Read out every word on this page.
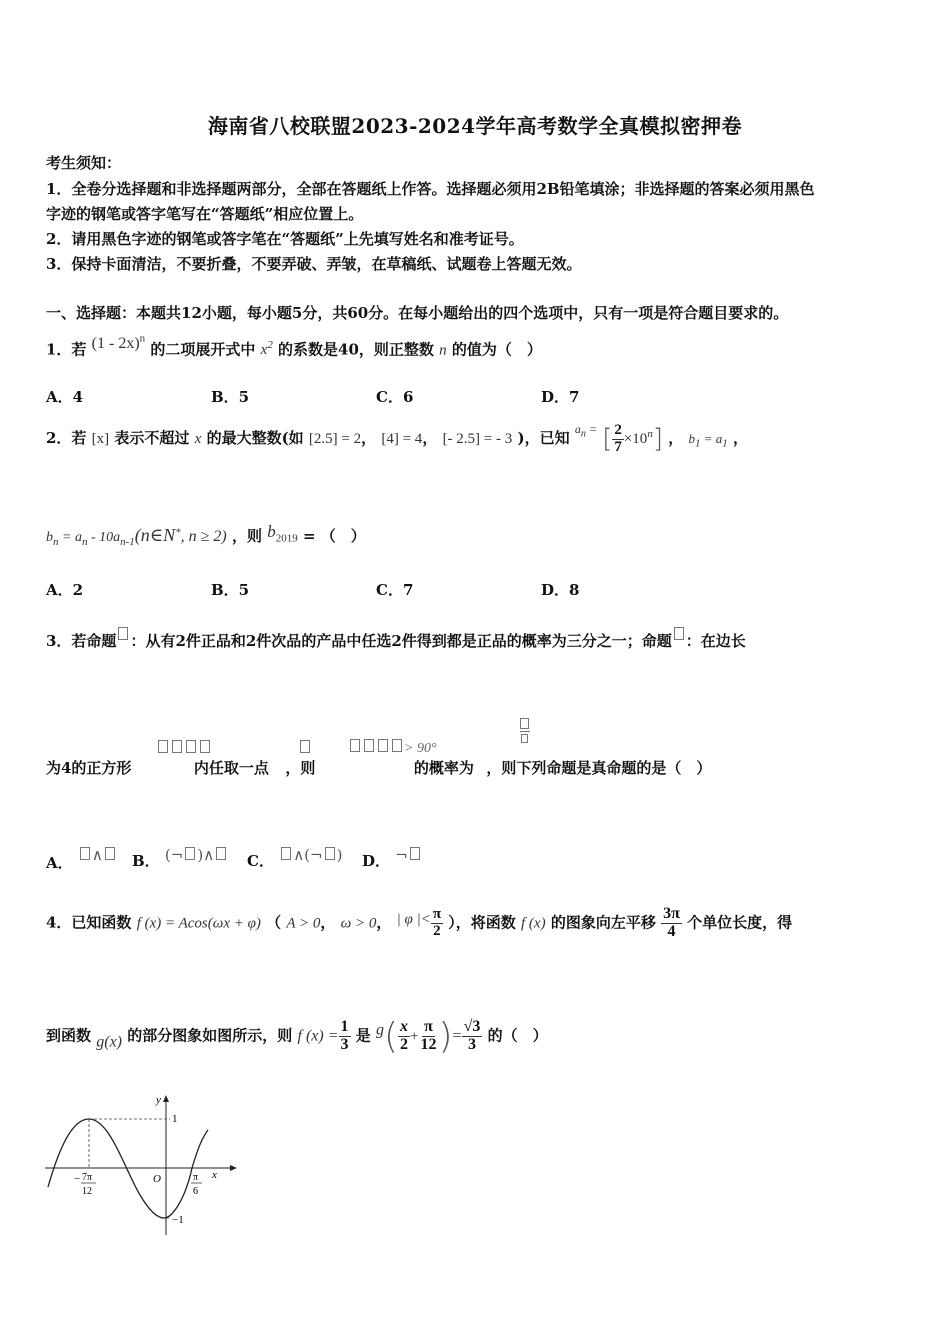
海南省八校联盟2023-2024学年高考数学全真模拟密押卷
考生须知：
1．全卷分选择题和非选择题两部分，全部在答题纸上作答。选择题必须用2B铅笔填涂；非选择题的答案必须用黑色
字迹的钢笔或答字笔写在“答题纸”相应位置上。
2．请用黑色字迹的钢笔或答字笔在“答题纸”上先填写姓名和准考证号。
3．保持卡面清洁，不要折叠，不要弄破、弄皱，在草稿纸、试题卷上答题无效。
一、选择题：本题共12小题，每小题5分，共60分。在每小题给出的四个选项中，只有一项是符合题目要求的。
1．若 (1 - 2x)$^n$ 的二项展开式中 $x^2$ 的系数是40，则正整数 n 的值为（　）
A．4	B．5	C．6	D．7
2．若 [x] 表示不超过 x 的最大整数(如 [2.5] = 2， [4] = 4， [- 2.5] = - 3 )，已知 $^{a_n =}$ [ $\frac{2}{7} \times 10^n$] ， $b_1 = a_1$ ，
$b_n = a_n$ - $10a_{n-1}(n\in N^*$, n ≥ 2) ，则 $b_{2019}$ = （　）
A．2	B．5	C．7	D．8
3．若命题 ：从有2件正品和2件次品的产品中任选2件得到都是正品的概率为三分之一；命题 ：在边长
> 90°
为4的正方形	内任取一点 ，则	的概率为 ，则下列命题是真命题的是（　）
A． ∧	B． (¬ )∧	C． ∧(¬ ) D． ¬
4．已知函数 f (x) = Acos(ωx + φ) （ A > 0， ω > 0， | φ |< $\frac{\pi}{2}$ ），将函数 f (x) 的图象向左平移 $\frac{3\pi}{4}$ 个单位长度，得
到函数 g(x) 的部分图象如图所示，则 f $(x) = \frac{1}{3}$ 是 $g( \frac{x}{2} + \frac{\pi}{12}$ )= $\frac{√3}{3}$ 的（　）
y
x
O
1
−1
− 7π
12
π
6
